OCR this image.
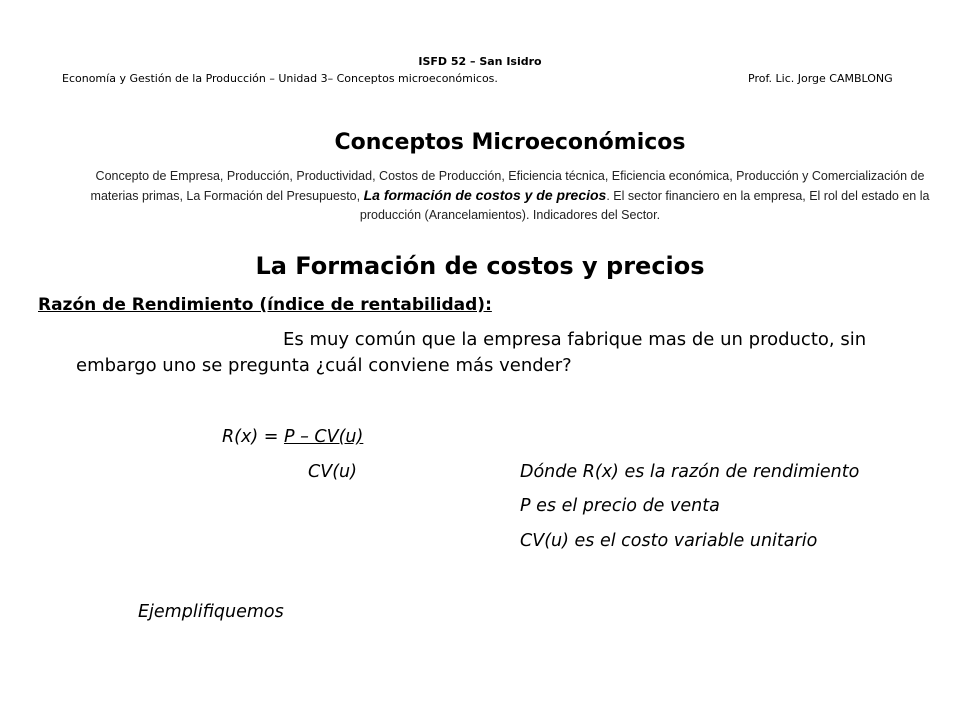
ISFD 52 – San Isidro
Economía y Gestión de la Producción – Unidad 3– Conceptos microeconómicos.	Prof. Lic. Jorge CAMBLONG
Conceptos Microeconómicos
Concepto de Empresa, Producción, Productividad, Costos de Producción, Eficiencia técnica, Eficiencia económica, Producción y Comercialización de materias primas, La Formación del Presupuesto, La formación de costos y de precios. El sector financiero en la empresa, El rol del estado en la producción (Arancelamientos). Indicadores del Sector.
La Formación de costos y precios
Razón de Rendimiento (índice de rentabilidad):
Es muy común que la empresa fabrique mas de un producto, sin embargo uno se pregunta ¿cuál conviene más vender?
R(x) = P – CV(u)
CV(u)	Dónde R(x) es la razón de rendimiento
P es el precio de venta
CV(u) es el costo variable unitario
Ejemplifiquemos
